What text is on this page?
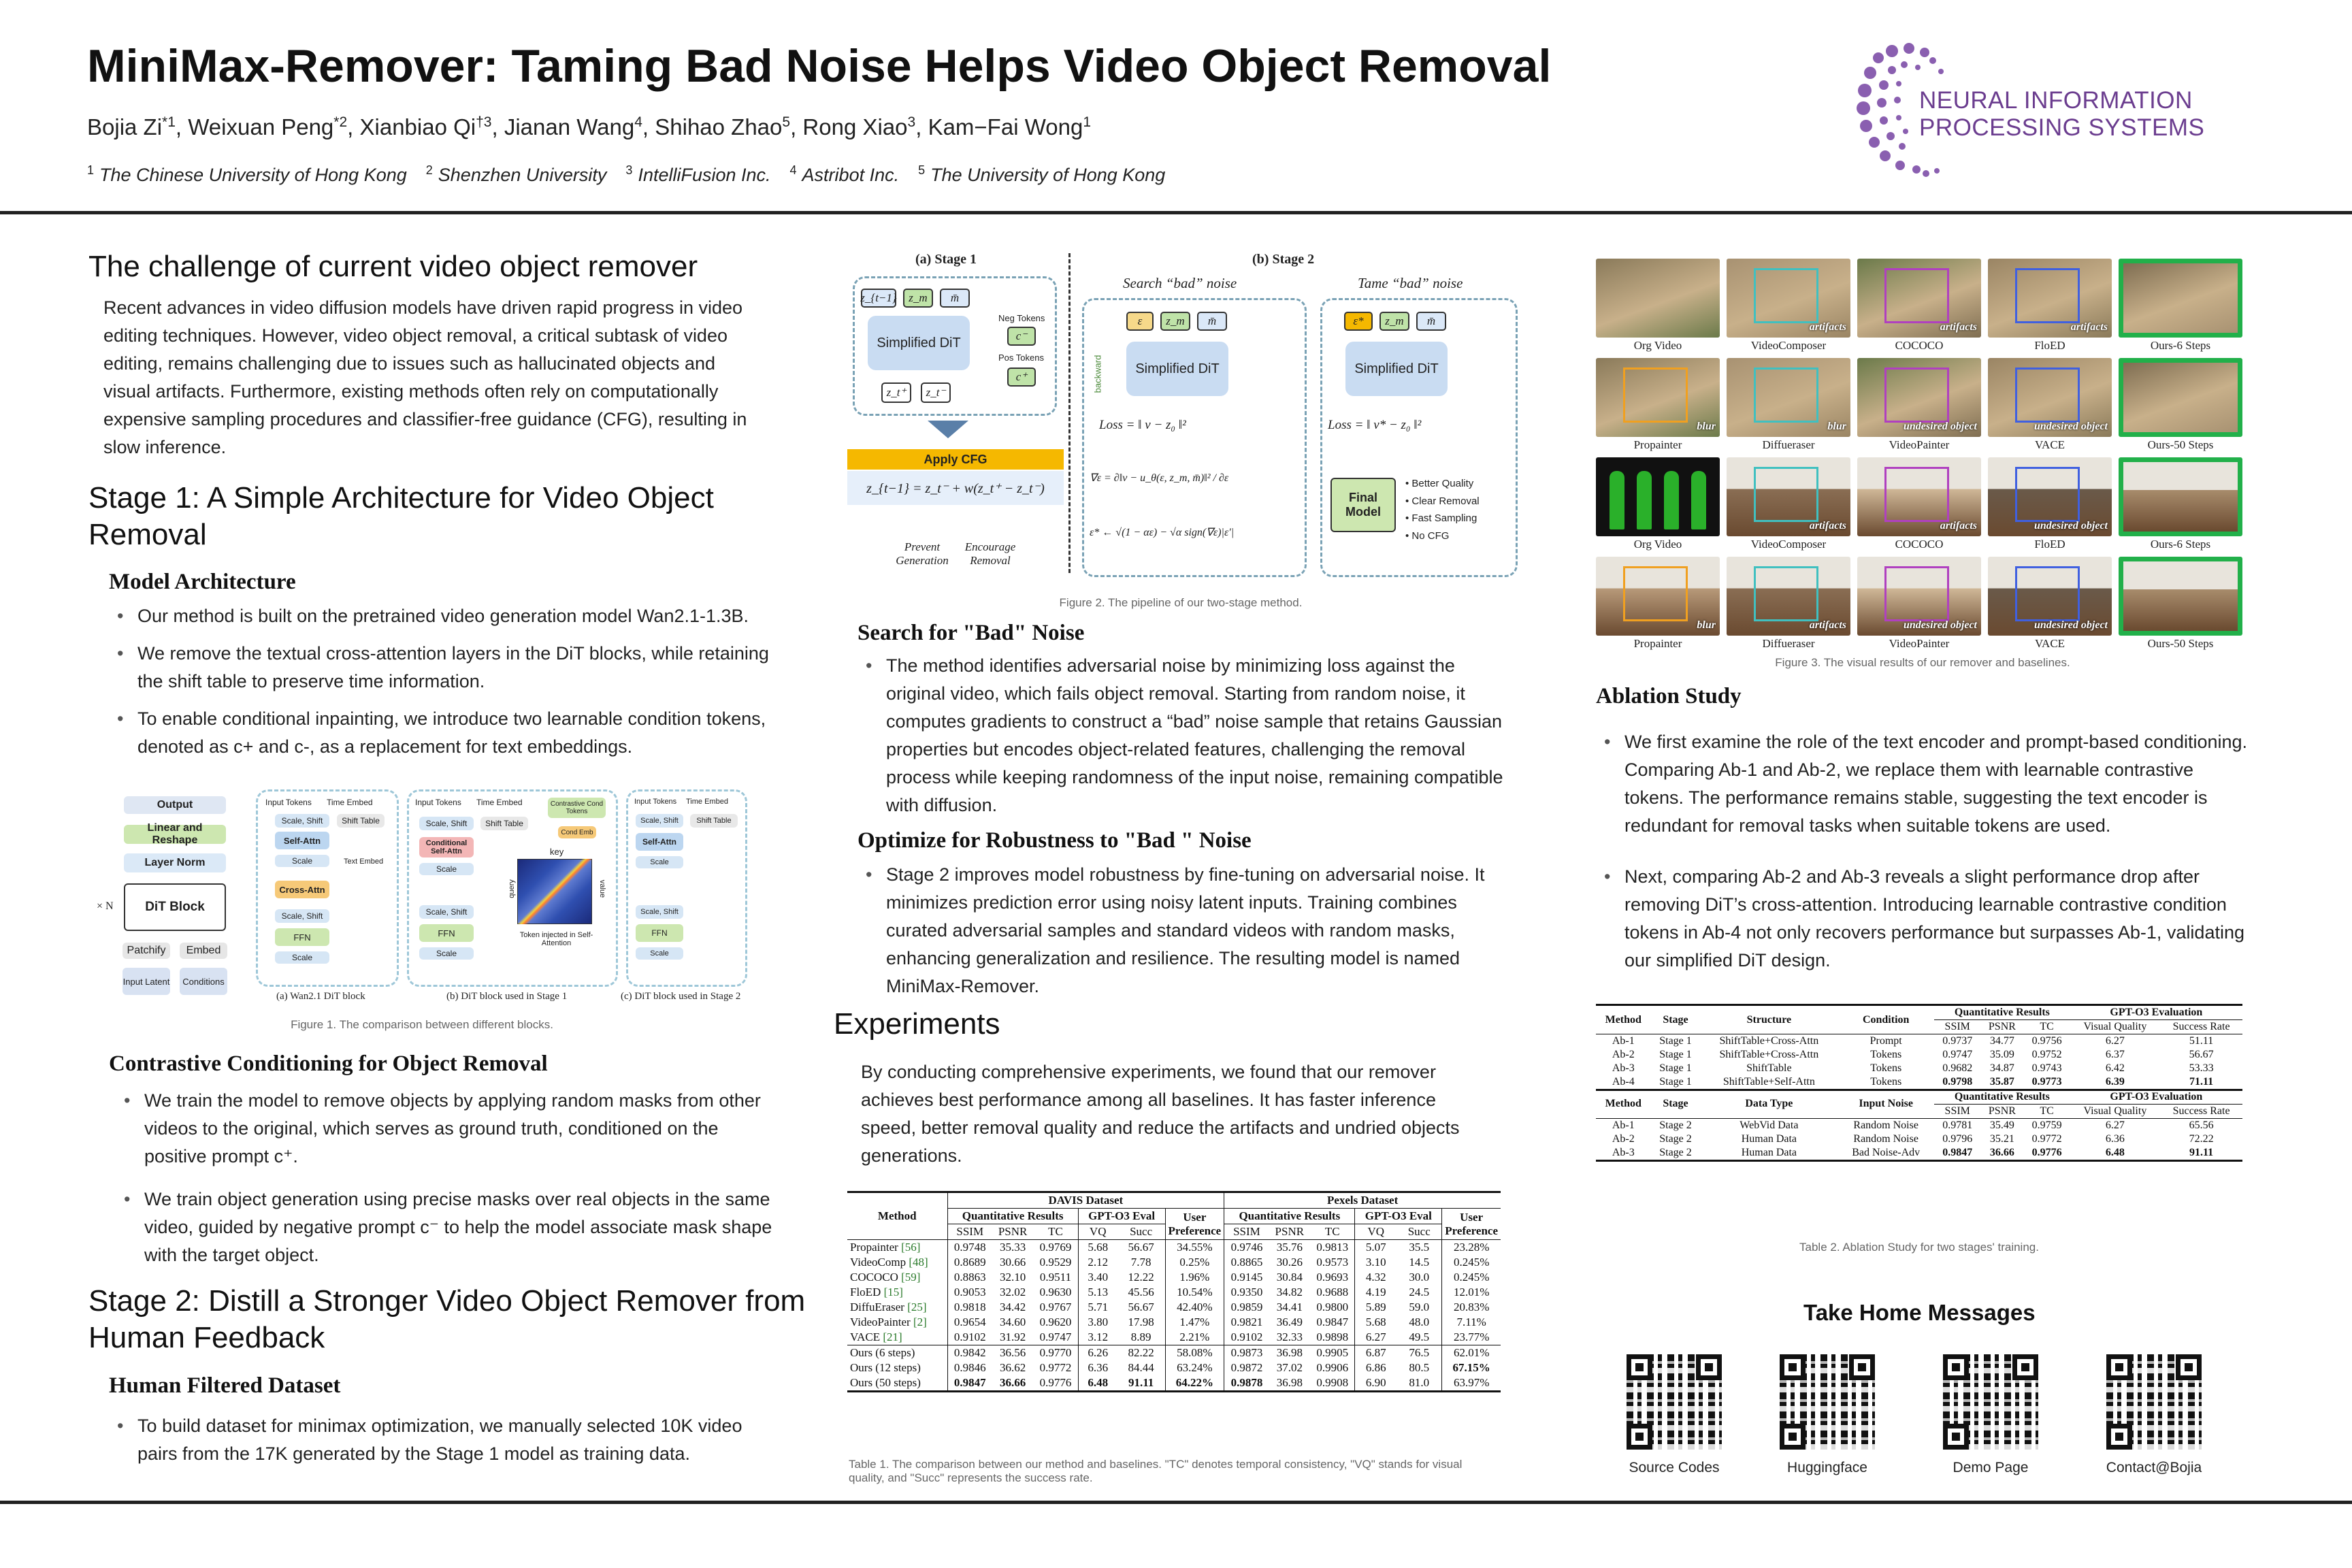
MiniMax-Remover: Taming Bad Noise Helps Video Object Removal
Bojia Zi$^{*1}$, Weixuan Peng$^{*2}$, Xianbiao Qi$^{\dagger 3}$, Jianan Wang$^4$, Shihao Zhao$^5$, Rong Xiao$^3$, Kam−Fai Wong$^1$
$^1$ The Chinese University of Hong Kong $^2$ Shenzhen University $^3$ IntelliFusion Inc. $^4$ Astribot Inc. $^5$ The University of Hong Kong
NEURAL INFORMATION
PROCESSING SYSTEMS
The challenge of current video object remover
Recent advances in video diffusion models have driven rapid progress in video editing techniques. However, video object removal, a critical subtask of video editing, remains challenging due to issues such as hallucinated objects and visual artifacts. Furthermore, existing methods often rely on computationally expensive sampling procedures and classifier-free guidance (CFG), resulting in slow inference.
Stage 1: A Simple Architecture for Video Object Removal
Model Architecture
• Our method is built on the pretrained video generation model Wan2.1-1.3B.
• We remove the textual cross-attention layers in the DiT blocks, while retaining the shift table to preserve time information.
• To enable conditional inpainting, we introduce two learnable condition tokens, denoted as c+ and c-, as a replacement for text embeddings.
Output
Linear and Reshape
Layer Norm
DiT Block
× N
Patchify	Embed
Input Latent	Conditions
Input Tokens Time Embed
Scale, Shift	Shift Table
Self-Attn
Scale
Cross-Attn
Text Embed
Scale, Shift
FFN
Scale
Input Tokens Time Embed	Contrastive Cond Tokens
Scale, Shift	Shift Table
Cond Emb
Conditional Self-Attn	key
query	value
Scale
Scale, Shift
FFN
Scale
Token injected in Self-Attention
Input Tokens Time Embed
Scale, Shift	Shift Table
Self-Attn
Scale
Scale, Shift
FFN
Scale
(a) Wan2.1 DiT block	(b) DiT block used in Stage 1	(c) DiT block used in Stage 2
Figure 1. The comparison between different blocks.
Contrastive Conditioning for Object Removal
• We train the model to remove objects by applying random masks from other videos to the original, which serves as ground truth, conditioned on the positive prompt c⁺.
• We train object generation using precise masks over real objects in the same video, guided by negative prompt c⁻ to help the model associate mask shape with the target object.
Stage 2: Distill a Stronger Video Object Remover from Human Feedback
Human Filtered Dataset
• To build dataset for minimax optimization, we manually selected 10K video pairs from the 17K generated by the Stage 1 model as training data.
(a) Stage 1	(b) Stage 2
z_{t−1}	z_m	m̄
Neg Tokens
c⁻
Pos Tokens
c⁺
Simplified DiT
z_t⁺	z_t⁻
Apply CFG
z_{t−1} = z_t⁻ + w(z_t⁺ − z_t⁻)
Prevent Generation
Encourage Removal
Search “bad” noise
ε	z_m	m̄
backward	Simplified DiT
Loss = ‖ v − z₀ ‖²
∇ε = ∂‖v − u_θ(ε, z_m, m̄)‖² / ∂ε
ε* ← √(1 − αε) − √α sign(∇ε)|ε′|
Tame “bad” noise
ε*	z_m	m̄
Simplified DiT
Loss = ‖ v* − z₀ ‖²
Final Model
• Better Quality
• Clear Removal
• Fast Sampling
• No CFG
Figure 2. The pipeline of our two-stage method.
Search for "Bad" Noise
• The method identifies adversarial noise by minimizing loss against the original video, which fails object removal. Starting from random noise, it computes gradients to construct a “bad” noise sample that retains Gaussian properties but encodes object-related features, challenging the removal process while keeping randomness of the input noise, remaining compatible with diffusion.
Optimize for Robustness to "Bad " Noise
• Stage 2 improves model robustness by fine-tuning on adversarial noise. It minimizes prediction error using noisy latent inputs. Training combines curated adversarial samples and standard videos with random masks, enhancing generalization and resilience. The resulting model is named MiniMax-Remover.
Experiments
By conducting comprehensive experiments, we found that our remover achieves best performance among all baselines. It has faster inference speed, better removal quality and reduce the artifacts and undried objects generations.
Method	DAVIS Dataset						Pexels Dataset					
	Quantitative Results			GPT-O3 Eval		User Preference	Quantitative Results			GPT-O3 Eval		User Preference
	SSIM	PSNR	TC	VQ	Succ		SSIM	PSNR	TC	VQ	Succ	
Propainter [56]	0.9748	35.33	0.9769	5.68	56.67	34.55%	0.9746	35.76	0.9813	5.07	35.5	23.28%
VideoComp [48]	0.8689	30.66	0.9529	2.12	7.78	0.25%	0.8865	30.26	0.9573	3.10	14.5	0.245%
COCOCO [59]	0.8863	32.10	0.9511	3.40	12.22	1.96%	0.9145	30.84	0.9693	4.32	30.0	0.245%
FloED [15]	0.9053	32.02	0.9630	5.13	45.56	10.54%	0.9350	34.82	0.9688	4.19	24.5	12.01%
DiffuEraser [25]	0.9818	34.42	0.9767	5.71	56.67	42.40%	0.9859	34.41	0.9800	5.89	59.0	20.83%
VideoPainter [2]	0.9654	34.60	0.9620	3.80	17.98	1.47%	0.9821	36.49	0.9847	5.68	48.0	7.11%
VACE [21]	0.9102	31.92	0.9747	3.12	8.89	2.21%	0.9102	32.33	0.9898	6.27	49.5	23.77%
Ours (6 steps)	0.9842	36.56	0.9770	6.26	82.22	58.08%	0.9873	36.98	0.9905	6.87	76.5	62.01%
Ours (12 steps)	0.9846	36.62	0.9772	6.36	84.44	63.24%	0.9872	37.02	0.9906	6.86	80.5	67.15%
Ours (50 steps)	0.9847	36.66	0.9776	6.48	91.11	64.22%	0.9878	36.98	0.9908	6.90	81.0	63.97%
Table 1. The comparison between our method and baselines. "TC" denotes temporal consistency, "VQ" stands for visual quality, and "Succ" represents the success rate.
Org Video
artifacts
VideoComposer
artifacts
COCOCO
artifacts
FloED	Ours-6 Steps
blur
Propainter
blur
Diffueraser
undesired object
VideoPainter
undesired object
VACE	Ours-50 Steps
Org Video
artifacts
VideoComposer
artifacts
COCOCO
undesired object
FloED	Ours-6 Steps
blur
Propainter
artifacts
Diffueraser
undesired object
VideoPainter
undesired object
VACE	Ours-50 Steps
Figure 3. The visual results of our remover and baselines.
Ablation Study
• We first examine the role of the text encoder and prompt-based conditioning. Comparing Ab-1 and Ab-2, we replace them with learnable contrastive tokens. The performance remains stable, suggesting the text encoder is redundant for removal tasks when suitable tokens are used.
• Next, comparing Ab-2 and Ab-3 reveals a slight performance drop after removing DiT’s cross-attention. Introducing learnable contrastive condition tokens in Ab-4 not only recovers performance but surpasses Ab-1, validating our simplified DiT design.
Method	Stage	Structure	Condition	Quantitative Results			GPT-O3 Evaluation	
				SSIM	PSNR	TC	Visual Quality	Success Rate
Ab-1	Stage 1	ShiftTable+Cross-Attn	Prompt	0.9737	34.77	0.9756	6.27	51.11
Ab-2	Stage 1	ShiftTable+Cross-Attn	Tokens	0.9747	35.09	0.9752	6.37	56.67
Ab-3	Stage 1	ShiftTable	Tokens	0.9682	34.87	0.9743	6.42	53.33
Ab-4	Stage 1	ShiftTable+Self-Attn	Tokens	0.9798	35.87	0.9773	6.39	71.11

Method	Stage	Data Type	Input Noise	Quantitative Results			GPT-O3 Evaluation	
				SSIM	PSNR	TC	Visual Quality	Success Rate
Ab-1	Stage 2	WebVid Data	Random Noise	0.9781	35.49	0.9759	6.27	65.56
Ab-2	Stage 2	Human Data	Random Noise	0.9796	35.21	0.9772	6.36	72.22
Ab-3	Stage 2	Human Data	Bad Noise-Adv	0.9847	36.66	0.9776	6.48	91.11
Table 2. Ablation Study for two stages' training.
Take Home Messages
Source Codes	Huggingface	Demo Page	Contact@Bojia
